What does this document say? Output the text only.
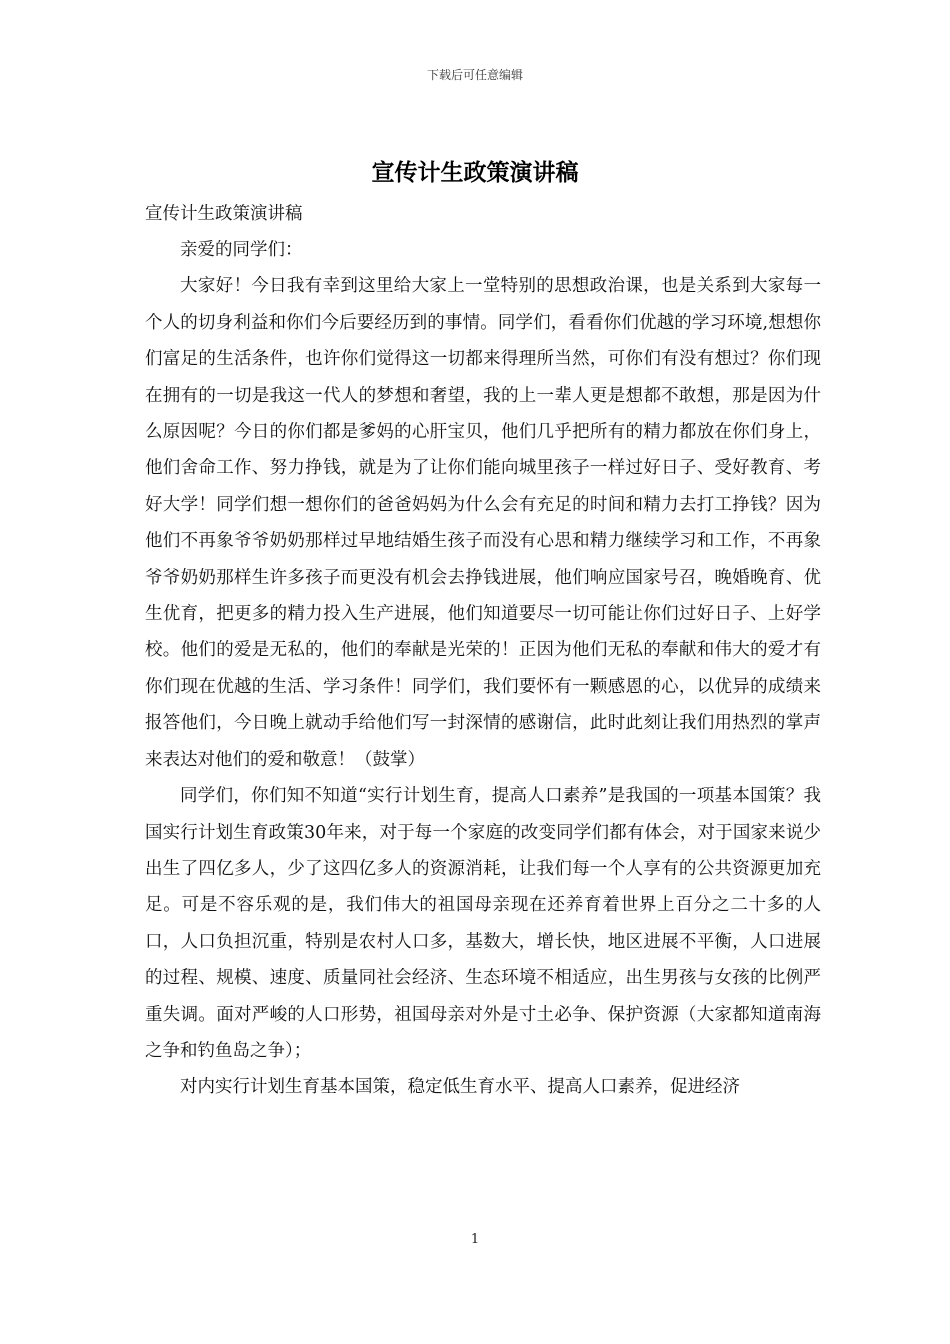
下载后可任意编辑
宣传计生政策演讲稿

宣传计生政策演讲稿

亲爱的同学们：

大家好！今日我有幸到这里给大家上一堂特别的思想政治课，也是关系到大家每一个人的切身利益和你们今后要经历到的事情。同学们，看看你们优越的学习环境,想想你们富足的生活条件，也许你们觉得这一切都来得理所当然，可你们有没有想过？你们现在拥有的一切是我这一代人的梦想和奢望，我的上一辈人更是想都不敢想，那是因为什么原因呢？今日的你们都是爹妈的心肝宝贝，他们几乎把所有的精力都放在你们身上，他们舍命工作、努力挣钱，就是为了让你们能向城里孩子一样过好日子、受好教育、考好大学！同学们想一想你们的爸爸妈妈为什么会有充足的时间和精力去打工挣钱？因为他们不再象爷爷奶奶那样过早地结婚生孩子而没有心思和精力继续学习和工作，不再象爷爷奶奶那样生许多孩子而更没有机会去挣钱进展，他们响应国家号召，晚婚晚育、优生优育，把更多的精力投入生产进展，他们知道要尽一切可能让你们过好日子、上好学校。他们的爱是无私的，他们的奉献是光荣的！正因为他们无私的奉献和伟大的爱才有你们现在优越的生活、学习条件！同学们，我们要怀有一颗感恩的心，以优异的成绩来报答他们，今日晚上就动手给他们写一封深情的感谢信，此时此刻让我们用热烈的掌声来表达对他们的爱和敬意！（鼓掌）

同学们，你们知不知道“实行计划生育，提高人口素养”是我国的一项基本国策？我国实行计划生育政策30年来，对于每一个家庭的改变同学们都有体会，对于国家来说少出生了四亿多人，少了这四亿多人的资源消耗，让我们每一个人享有的公共资源更加充足。可是不容乐观的是，我们伟大的祖国母亲现在还养育着世界上百分之二十多的人口，人口负担沉重，特别是农村人口多，基数大，增长快，地区进展不平衡，人口进展的过程、规模、速度、质量同社会经济、生态环境不相适应，出生男孩与女孩的比例严重失调。面对严峻的人口形势，祖国母亲对外是寸土必争、保护资源（大家都知道南海之争和钓鱼岛之争）；

对内实行计划生育基本国策，稳定低生育水平、提高人口素养，促进经济

1
